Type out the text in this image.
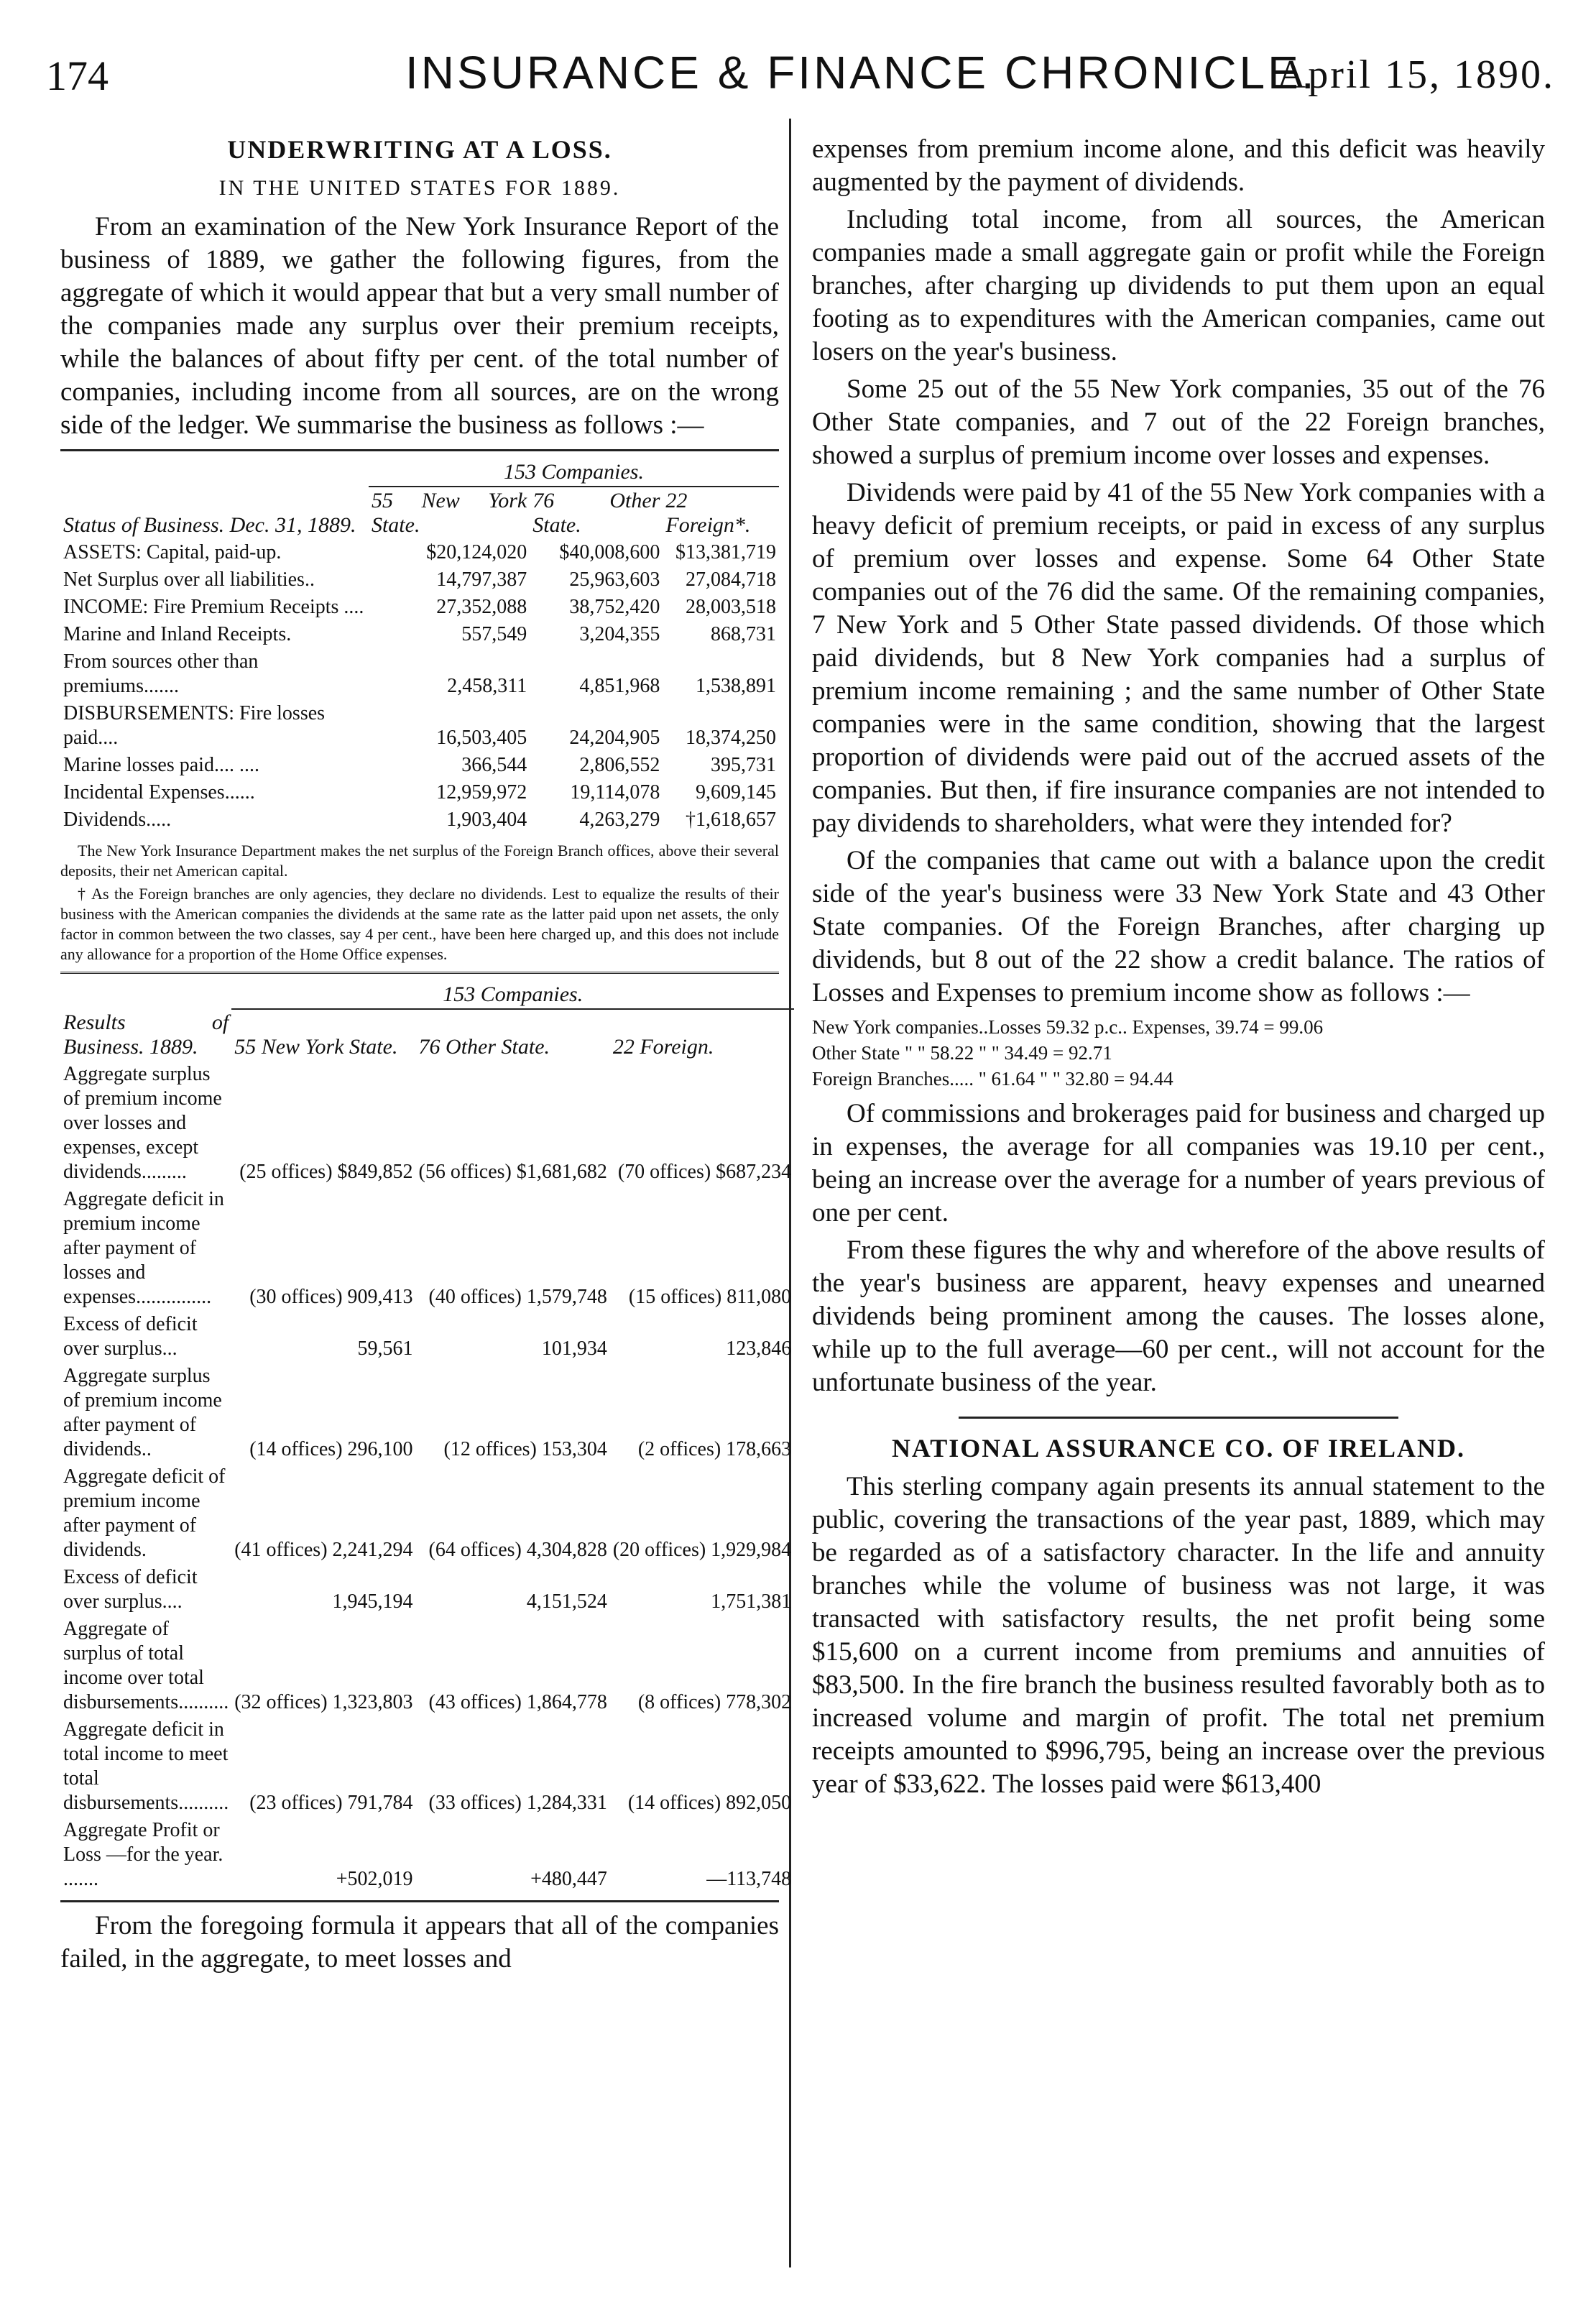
174	INSURANCE & FINANCE CHRONICLE.
April 15, 1890.
UNDERWRITING AT A LOSS.
IN THE UNITED STATES FOR 1889.

From an examination of the New York Insurance Report of the business of 1889, we gather the following figures, from the aggregate of which it would appear that but a very small number of the companies made any surplus over their premium receipts, while the balances of about fifty per cent. of the total number of companies, including income from all sources, are on the wrong side of the ledger. We summarise the business as follows :—

	153 Companies.		
Status of Business. Dec. 31, 1889.	55 New York State.	76 Other State.	22 Foreign*.
ASSETS: Capital, paid-up.	$20,124,020	$40,008,600	$13,381,719
Net Surplus over all liabilities..	14,797,387	25,963,603	27,084,718
INCOME: Fire Premium Receipts ....	27,352,088	38,752,420	28,003,518
Marine and Inland Receipts.	557,549	3,204,355	868,731
From sources other than premiums.......	2,458,311	4,851,968	1,538,891
DISBURSEMENTS: Fire losses paid....	16,503,405	24,204,905	18,374,250
Marine losses paid.... ....	366,544	2,806,552	395,731
Incidental Expenses......	12,959,972	19,114,078	9,609,145
Dividends.....	1,903,404	4,263,279	†1,618,657
The New York Insurance Department makes the net surplus of the Foreign Branch offices, above their several deposits, their net American capital.
† As the Foreign branches are only agencies, they declare no dividends. Lest to equalize the results of their business with the American companies the dividends at the same rate as the latter paid upon net assets, the only factor in common between the two classes, say 4 per cent., have been here charged up, and this does not include any allowance for a proportion of the Home Office expenses.
	153 Companies.		
Results of Business. 1889.	55 New York State.	76 Other State.	22 Foreign.
Aggregate surplus of premium income over losses and expenses, except dividends.........	(25 offices) $849,852	(56 offices) $1,681,682	(70 offices) $687,234
Aggregate deficit in premium income after payment of losses and expenses...............	(30 offices) 909,413	(40 offices) 1,579,748	(15 offices) 811,080
Excess of deficit over surplus...	59,561	101,934	123,846
Aggregate surplus of premium income after payment of dividends..	(14 offices) 296,100	(12 offices) 153,304	(2 offices) 178,663
Aggregate deficit of premium income after payment of dividends.	(41 offices) 2,241,294	(64 offices) 4,304,828	(20 offices) 1,929,984
Excess of deficit over surplus....	1,945,194	4,151,524	1,751,381
Aggregate of surplus of total income over total disbursements..........	(32 offices) 1,323,803	(43 offices) 1,864,778	(8 offices) 778,302
Aggregate deficit in total income to meet total disbursements..........	(23 offices) 791,784	(33 offices) 1,284,331	(14 offices) 892,050
Aggregate Profit or Loss —for the year. .......	+502,019	+480,447	—113,748

From the foregoing formula it appears that all of the companies failed, in the aggregate, to meet losses and

expenses from premium income alone, and this deficit was heavily augmented by the payment of dividends.

Including total income, from all sources, the American companies made a small aggregate gain or profit while the Foreign branches, after charging up dividends to put them upon an equal footing as to expenditures with the American companies, came out losers on the year's business.

Some 25 out of the 55 New York companies, 35 out of the 76 Other State companies, and 7 out of the 22 Foreign branches, showed a surplus of premium income over losses and expenses.

Dividends were paid by 41 of the 55 New York companies with a heavy deficit of premium receipts, or paid in excess of any surplus of premium over losses and expense. Some 64 Other State companies out of the 76 did the same. Of the remaining companies, 7 New York and 5 Other State passed dividends. Of those which paid dividends, but 8 New York companies had a surplus of premium income remaining ; and the same number of Other State companies were in the same condition, showing that the largest proportion of dividends were paid out of the accrued assets of the companies. But then, if fire insurance companies are not intended to pay dividends to shareholders, what were they intended for?

Of the companies that came out with a balance upon the credit side of the year's business were 33 New York State and 43 Other State companies. Of the Foreign Branches, after charging up dividends, but 8 out of the 22 show a credit balance. The ratios of Losses and Expenses to premium income show as follows :—

New York companies..Losses 59.32 p.c.. Expenses, 39.74 = 99.06
Other State " " 58.22 " " 34.49 = 92.71
Foreign Branches..... " 61.64 " " 32.80 = 94.44

Of commissions and brokerages paid for business and charged up in expenses, the average for all companies was 19.10 per cent., being an increase over the average for a number of years previous of one per cent.

From these figures the why and wherefore of the above results of the year's business are apparent, heavy expenses and unearned dividends being prominent among the causes. The losses alone, while up to the full average—60 per cent., will not account for the unfortunate business of the year.

NATIONAL ASSURANCE CO. OF IRELAND.

This sterling company again presents its annual statement to the public, covering the transactions of the year past, 1889, which may be regarded as of a satisfactory character. In the life and annuity branches while the volume of business was not large, it was transacted with satisfactory results, the net profit being some $15,600 on a current income from premiums and annuities of $83,500. In the fire branch the business resulted favorably both as to increased volume and margin of profit. The total net premium receipts amounted to $996,795, being an increase over the previous year of $33,622. The losses paid were $613,400
